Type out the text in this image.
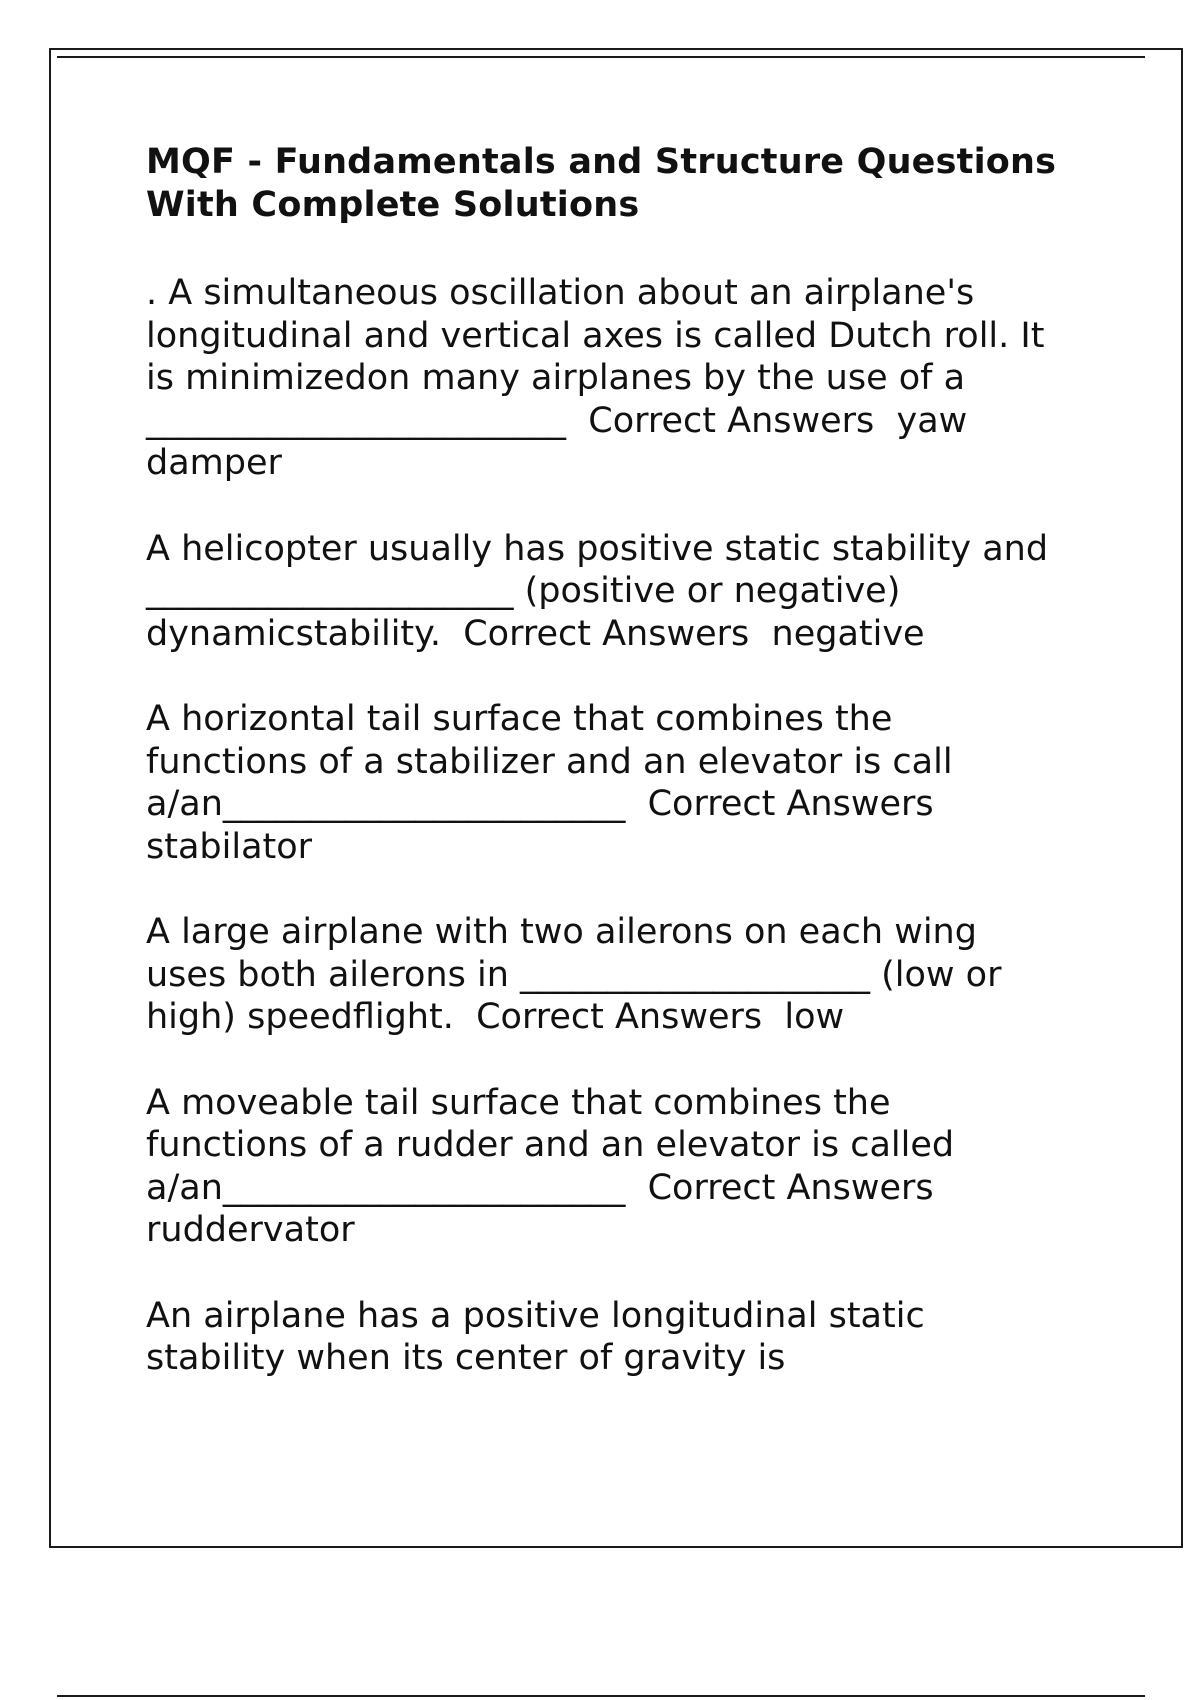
MQF - Fundamentals and Structure Questions
With Complete Solutions
. A simultaneous oscillation about an airplane's
longitudinal and vertical axes is called Dutch roll. It
is minimizedon many airplanes by the use of a
________________________  Correct Answers  yaw
damper
A helicopter usually has positive static stability and
_____________________ (positive or negative)
dynamicstability.  Correct Answers  negative
A horizontal tail surface that combines the
functions of a stabilizer and an elevator is call
a/an_______________________  Correct Answers
stabilator
A large airplane with two ailerons on each wing
uses both ailerons in ____________________ (low or
high) speedflight.  Correct Answers  low
A moveable tail surface that combines the
functions of a rudder and an elevator is called
a/an_______________________  Correct Answers
ruddervator
An airplane has a positive longitudinal static
stability when its center of gravity is
